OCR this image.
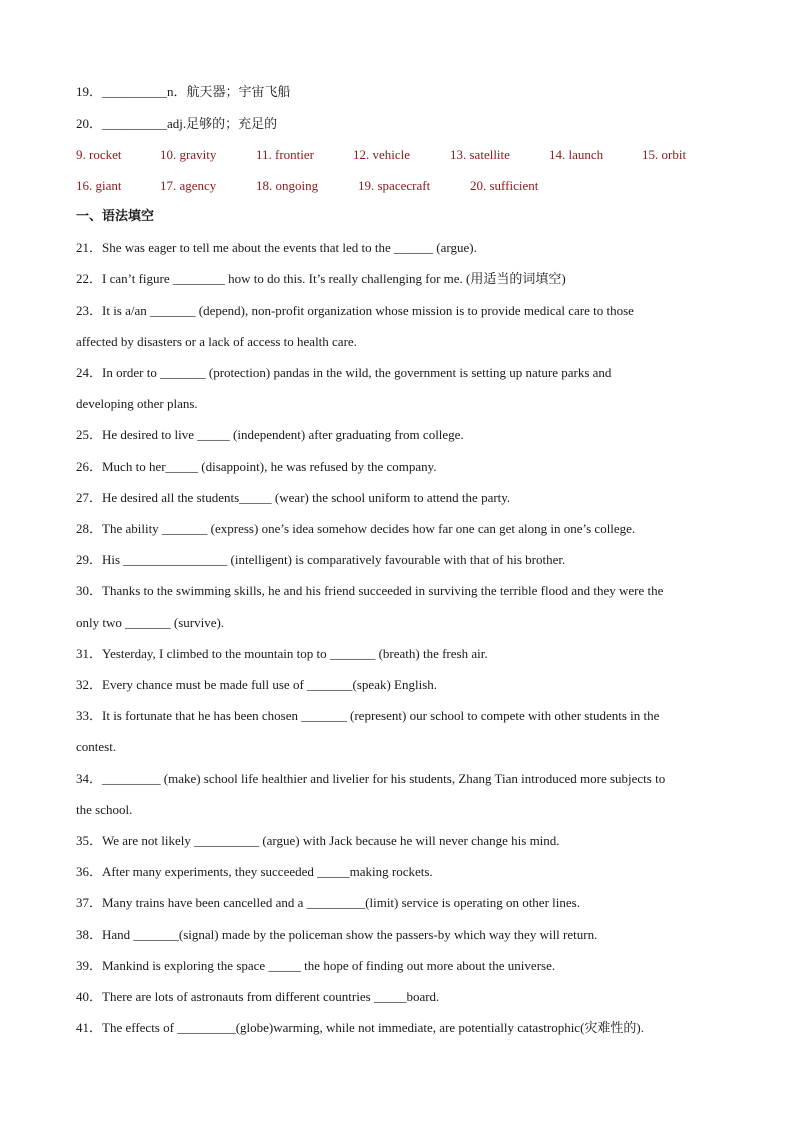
19．__________n．航天器；宇宙飞船
20．__________adj.足够的；充足的
9. rocket	10. gravity	11. frontier	12. vehicle	13. satellite	14. launch	15. orbit
16. giant	17. agency	18. ongoing	19. spacecraft	20. sufficient
一、语法填空
21．She was eager to tell me about the events that led to the ______ (argue).
22．I can’t figure ________ how to do this. It’s really challenging for me. (用适当的词填空)
23．It is a/an _______ (depend), non-profit organization whose mission is to provide medical care to those
affected by disasters or a lack of access to health care.
24．In order to _______ (protection) pandas in the wild, the government is setting up nature parks and
developing other plans.
25．He desired to live _____ (independent) after graduating from college.
26．Much to her_____ (disappoint), he was refused by the company.
27．He desired all the students_____ (wear) the school uniform to attend the party.
28．The ability _______ (express) one’s idea somehow decides how far one can get along in one’s college.
29．His ________________ (intelligent) is comparatively favourable with that of his brother.
30．Thanks to the swimming skills, he and his friend succeeded in surviving the terrible flood and they were the
only two _______ (survive).
31．Yesterday, I climbed to the mountain top to _______ (breath) the fresh air.
32．Every chance must be made full use of _______(speak) English.
33．It is fortunate that he has been chosen _______ (represent) our school to compete with other students in the
contest.
34．_________ (make) school life healthier and livelier for his students, Zhang Tian introduced more subjects to
the school.
35．We are not likely __________ (argue) with Jack because he will never change his mind.
36．After many experiments, they succeeded _____making rockets.
37．Many trains have been cancelled and a _________(limit) service is operating on other lines.
38．Hand _______(signal) made by the policeman show the passers-by which way they will return.
39．Mankind is exploring the space _____ the hope of finding out more about the universe.
40．There are lots of astronauts from different countries _____board.
41．The effects of _________(globe)warming, while not immediate, are potentially catastrophic(灾难性的).
